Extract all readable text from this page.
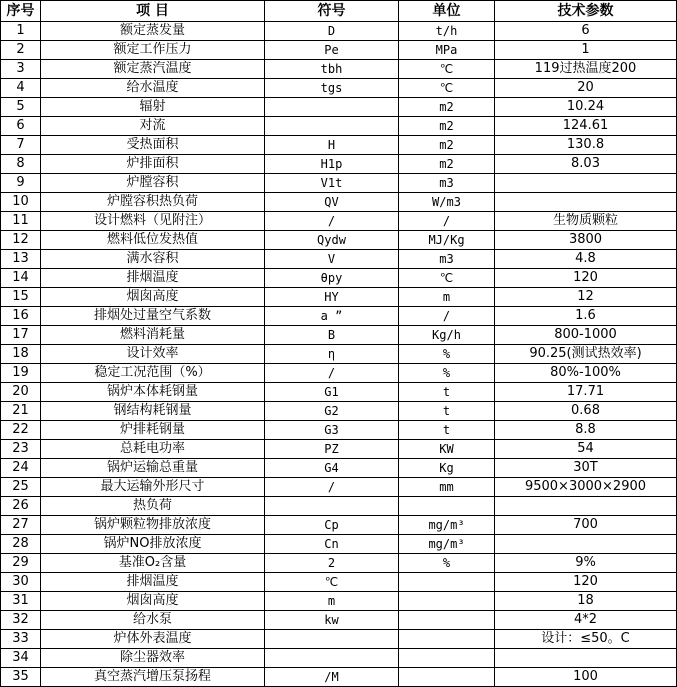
序号	项 目	符号	单位	技术参数
1	额定蒸发量	D	t/h	6
2	额定工作压力	Pe	MPa	1
3	额定蒸汽温度	tbh	℃	119过热温度200
4	给水温度	tgs	℃	20
5	辐射		m2	10.24
6	对流		m2	124.61
7	受热面积	H	m2	130.8
8	炉排面积	H1p	m2	8.03
9	炉膛容积	V1t	m3	
10	炉膛容积热负荷	QV	W/m3	
11	设计燃料（见附注）	/	/	生物质颗粒
12	燃料低位发热值	Qydw	MJ/Kg	3800
13	满水容积	V	m3	4.8
14	排烟温度	θpy	℃	120
15	烟囱高度	HY	m	12
16	排烟处过量空气系数	a ”	/	1.6
17	燃料消耗量	B	Kg/h	800-1000
18	设计效率	η	%	90.25(测试热效率)
19	稳定工况范围（%）	/	%	80%-100%
20	锅炉本体耗钢量	G1	t	17.71
21	钢结构耗钢量	G2	t	0.68
22	炉排耗钢量	G3	t	8.8
23	总耗电功率	PZ	KW	54
24	锅炉运输总重量	G4	Kg	30T
25	最大运输外形尺寸	/	mm	9500×3000×2900
26	热负荷			
27	锅炉颗粒物排放浓度	Cp	mg/m³	700
28	锅炉NO排放浓度	Cn	mg/m³	
29	基准O₂含量	2	%	9%
30	排烟温度	℃		120
31	烟囱高度	m		18
32	给水泵	kw		4*2
33	炉体外表温度			设计：≤50。C
34	除尘器效率			
35	真空蒸汽增压泵扬程	/M		100
